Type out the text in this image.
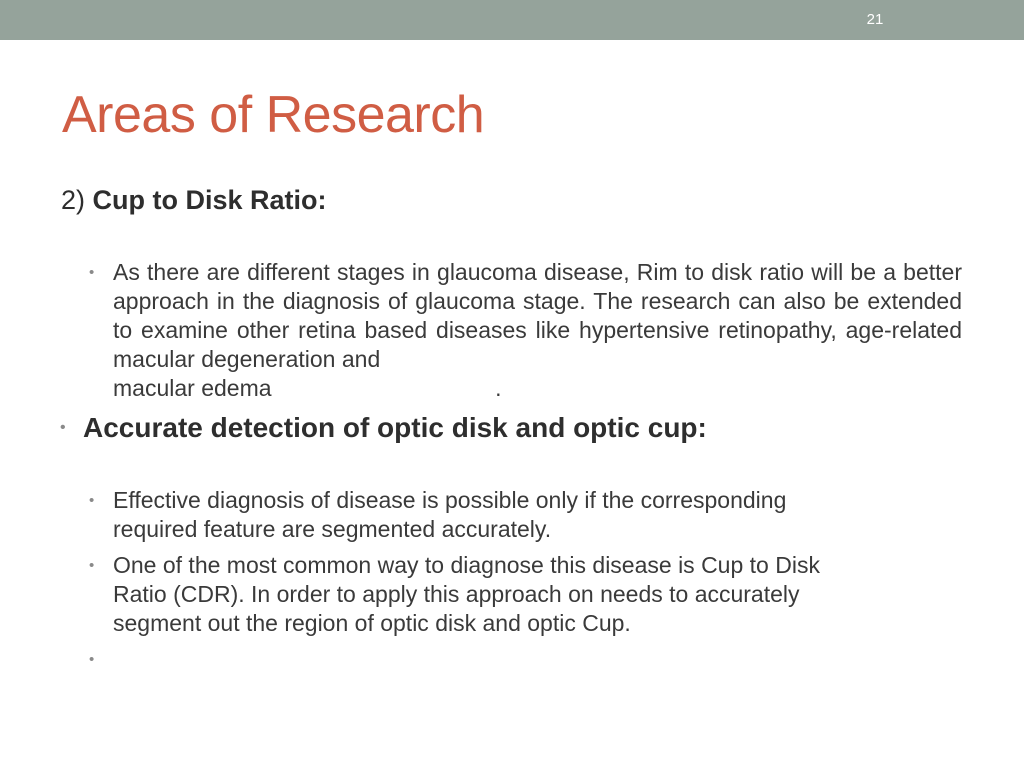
21
Areas of Research
2) Cup to Disk Ratio:
• As there are different stages in glaucoma disease, Rim to disk ratio will be a better approach in the diagnosis of glaucoma stage. The research can also be extended to examine other retina based diseases like hypertensive retinopathy, age-related macular degeneration and
macular edema                                   .
• Accurate detection of optic disk and optic cup:
• Effective diagnosis of disease is possible only if the corresponding
required feature are segmented accurately.
• One of the most common way to diagnose this disease is Cup to Disk
Ratio (CDR). In order to apply this approach on needs to accurately
segment out the region of optic disk and optic Cup.
•
